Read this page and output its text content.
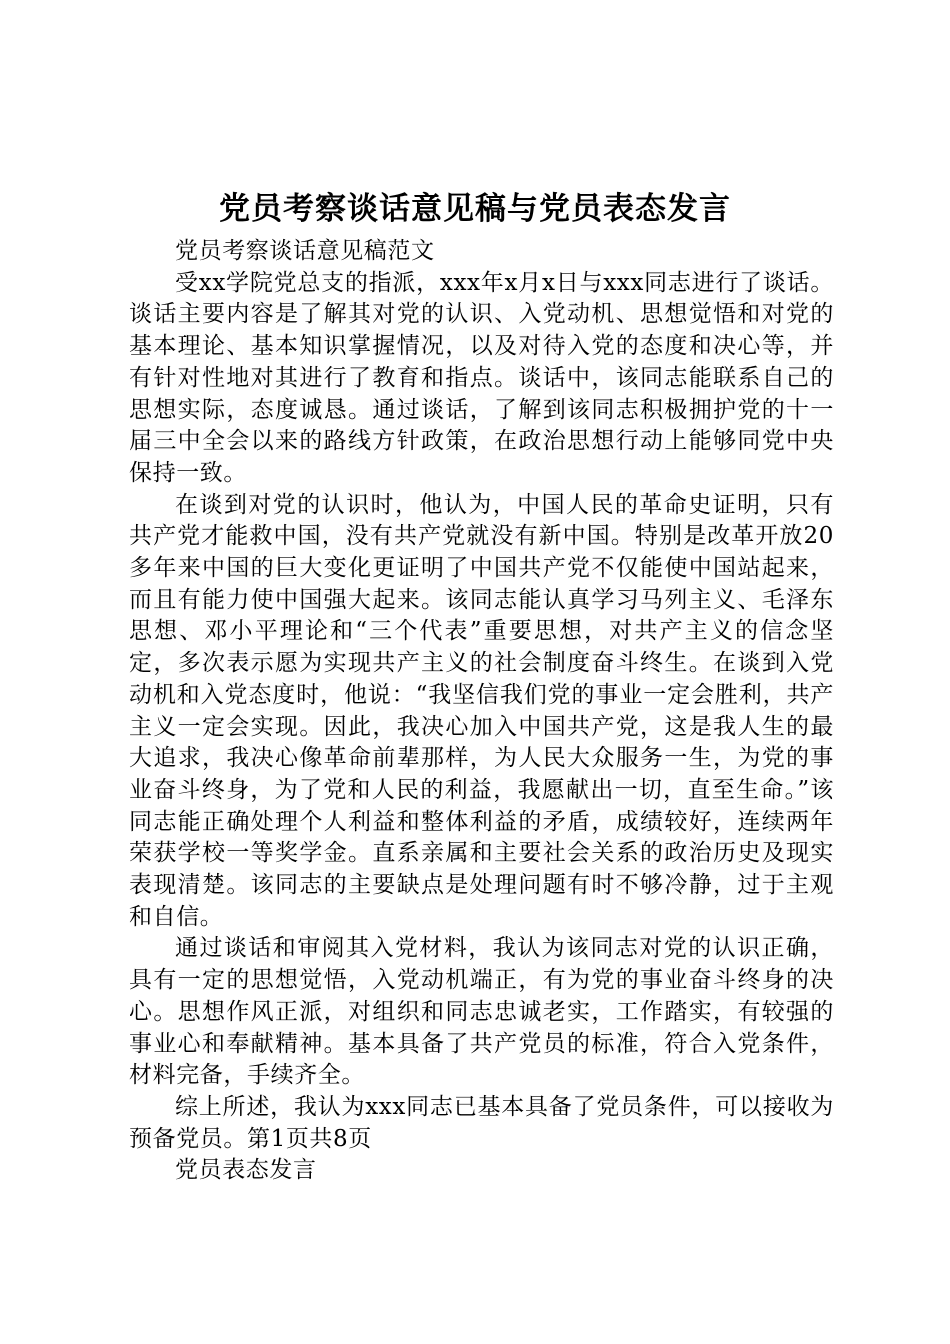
党员考察谈话意见稿与党员表态发言

党员考察谈话意见稿范文

受xx学院党总支的指派，xxx年x月x日与xxx同志进行了谈话。谈话主要内容是了解其对党的认识、入党动机、思想觉悟和对党的基本理论、基本知识掌握情况，以及对待入党的态度和决心等，并有针对性地对其进行了教育和指点。谈话中，该同志能联系自己的思想实际，态度诚恳。通过谈话，了解到该同志积极拥护党的十一届三中全会以来的路线方针政策，在政治思想行动上能够同党中央保持一致。

在谈到对党的认识时，他认为，中国人民的革命史证明，只有共产党才能救中国，没有共产党就没有新中国。特别是改革开放20多年来中国的巨大变化更证明了中国共产党不仅能使中国站起来，而且有能力使中国强大起来。该同志能认真学习马列主义、毛泽东思想、邓小平理论和“三个代表”重要思想，对共产主义的信念坚定，多次表示愿为实现共产主义的社会制度奋斗终生。在谈到入党动机和入党态度时，他说：“我坚信我们党的事业一定会胜利，共产主义一定会实现。因此，我决心加入中国共产党，这是我人生的最大追求，我决心像革命前辈那样，为人民大众服务一生，为党的事业奋斗终身，为了党和人民的利益，我愿献出一切，直至生命。”该同志能正确处理个人利益和整体利益的矛盾，成绩较好，连续两年荣获学校一等奖学金。直系亲属和主要社会关系的政治历史及现实表现清楚。该同志的主要缺点是处理问题有时不够冷静，过于主观和自信。

通过谈话和审阅其入党材料，我认为该同志对党的认识正确，具有一定的思想觉悟，入党动机端正，有为党的事业奋斗终身的决心。思想作风正派，对组织和同志忠诚老实，工作踏实，有较强的事业心和奉献精神。基本具备了共产党员的标准，符合入党条件，材料完备，手续齐全。

综上所述，我认为xxx同志已基本具备了党员条件，可以接收为预备党员。第1页共8页

党员表态发言
